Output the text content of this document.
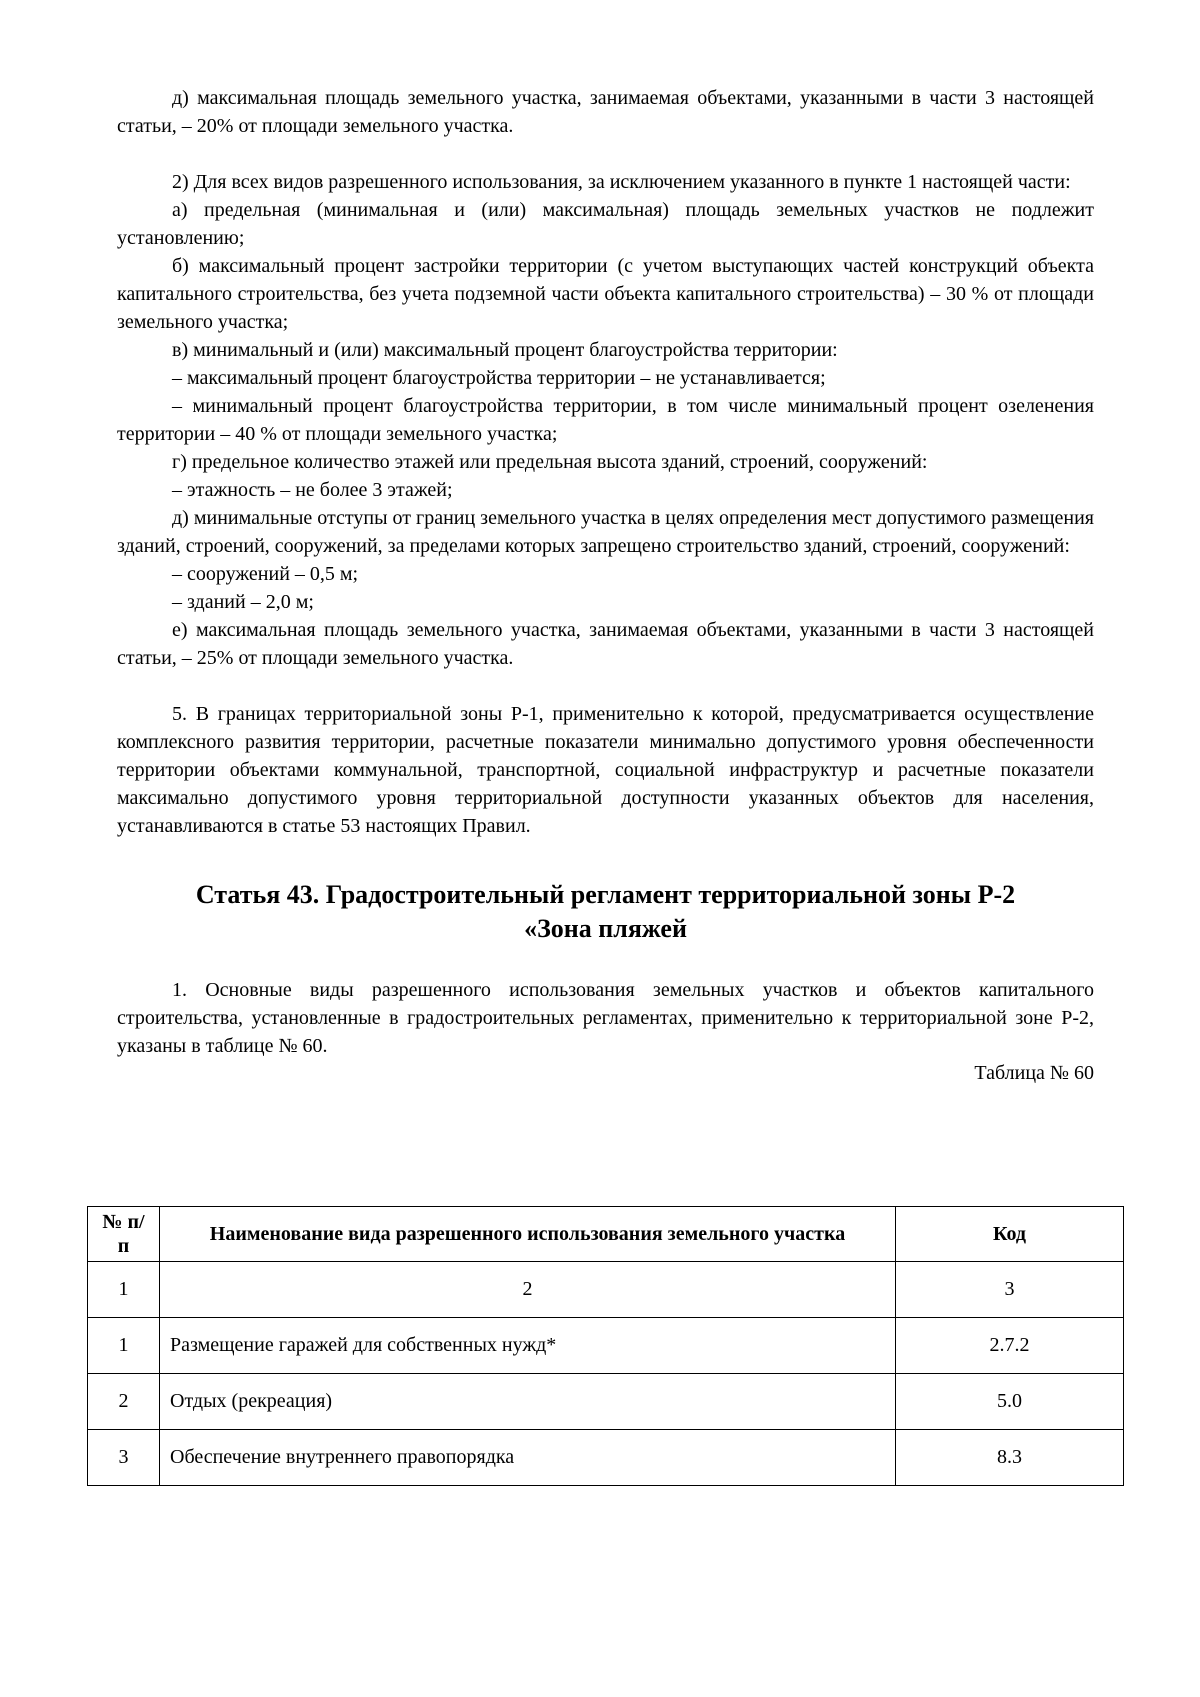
д) максимальная площадь земельного участка, занимаемая объектами, указанными в части 3 настоящей статьи, – 20% от площади земельного участка.

2) Для всех видов разрешенного использования, за исключением указанного в пункте 1 настоящей части:

а) предельная (минимальная и (или) максимальная) площадь земельных участков не подлежит установлению;

б) максимальный процент застройки территории (с учетом выступающих частей конструкций объекта капитального строительства, без учета подземной части объекта капитального строительства) – 30 % от площади земельного участка;

в) минимальный и (или) максимальный процент благоустройства территории:

– максимальный процент благоустройства территории – не устанавливается;

– минимальный процент благоустройства территории, в том числе минимальный процент озеленения территории – 40 % от площади земельного участка;

г) предельное количество этажей или предельная высота зданий, строений, сооружений:

– этажность – не более 3 этажей;

д) минимальные отступы от границ земельного участка в целях определения мест допустимого размещения зданий, строений, сооружений, за пределами которых запрещено строительство зданий, строений, сооружений:

– сооружений – 0,5 м;

– зданий – 2,0 м;

е) максимальная площадь земельного участка, занимаемая объектами, указанными в части 3 настоящей статьи, – 25% от площади земельного участка.

5. В границах территориальной зоны Р-1, применительно к которой, предусматривается осуществление комплексного развития территории, расчетные показатели минимально допустимого уровня обеспеченности территории объектами коммунальной, транспортной, социальной инфраструктур и расчетные показатели максимально допустимого уровня территориальной доступности указанных объектов для населения, устанавливаются в статье 53 настоящих Правил.

Статья 43. Градостроительный регламент территориальной зоны Р-2

«Зона пляжей

1. Основные виды разрешенного использования земельных участков и объектов капитального строительства, установленные в градостроительных регламентах, применительно к территориальной зоне Р-2, указаны в таблице № 60.

Таблица № 60

№ п/п	Наименование вида разрешенного использования земельного участка	Код
1	2	3
1	Размещение гаражей для собственных нужд*	2.7.2
2	Отдых (рекреация)	5.0
3	Обеспечение внутреннего правопорядка	8.3
